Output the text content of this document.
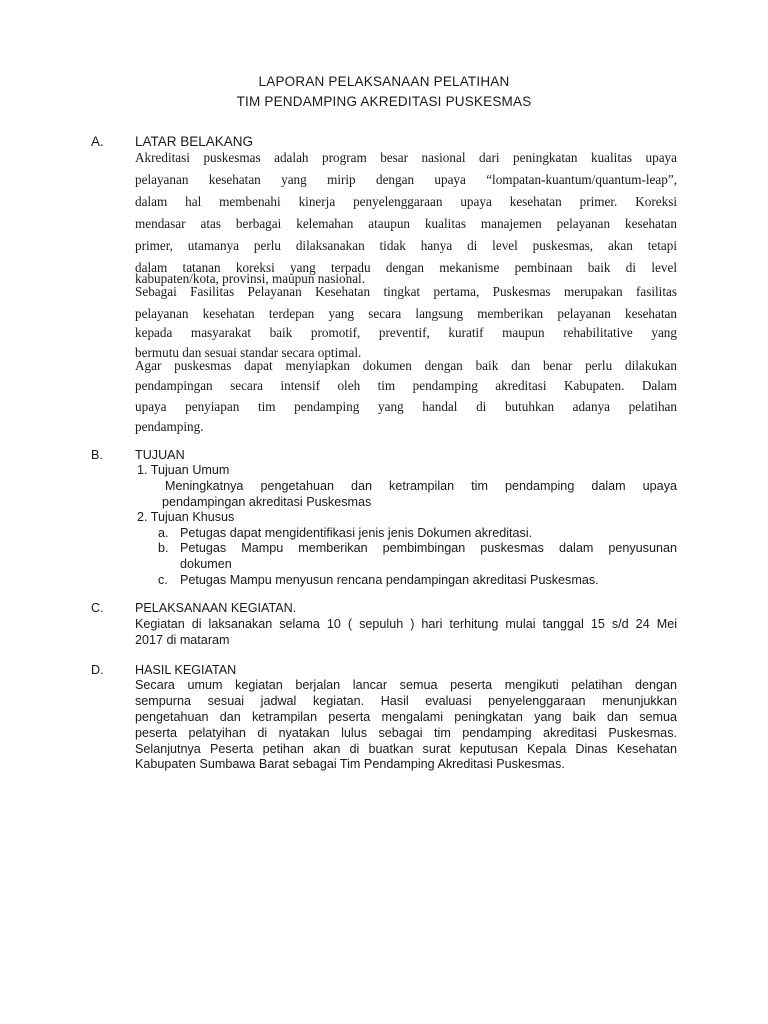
LAPORAN PELAKSANAAN PELATIHAN
TIM PENDAMPING AKREDITASI PUSKESMAS
A. LATAR BELAKANG
Akreditasi puskesmas adalah program besar nasional dari peningkatan kualitas upaya
pelayanan kesehatan yang mirip dengan upaya “lompatan-kuantum/quantum-leap”,
dalam hal membenahi kinerja penyelenggaraan upaya kesehatan primer. Koreksi
mendasar atas berbagai kelemahan ataupun kualitas manajemen pelayanan kesehatan
primer, utamanya perlu dilaksanakan tidak hanya di level puskesmas, akan tetapi
dalam tatanan koreksi yang terpadu dengan mekanisme pembinaan baik di level
kabupaten/kota, provinsi, maupun nasional.
Sebagai Fasilitas Pelayanan Kesehatan tingkat pertama, Puskesmas merupakan fasilitas
pelayanan kesehatan terdepan yang secara langsung memberikan pelayanan kesehatan
kepada masyarakat baik promotif, preventif, kuratif maupun rehabilitative yang
bermutu dan sesuai standar secara optimal.
Agar puskesmas dapat menyiapkan dokumen dengan baik dan benar perlu dilakukan
pendampingan secara intensif oleh tim pendamping akreditasi Kabupaten. Dalam
upaya penyiapan tim pendamping yang handal di butuhkan adanya pelatihan
pendamping.
B.	TUJUAN
1. Tujuan Umum
Meningkatnya pengetahuan dan ketrampilan tim pendamping dalam upaya
pendampingan akreditasi Puskesmas
2. Tujuan Khusus
a. Petugas dapat mengidentifikasi jenis jenis Dokumen akreditasi.
b. Petugas Mampu memberikan pembimbingan puskesmas dalam penyusunan
dokumen
c. Petugas Mampu menyusun rencana pendampingan akreditasi Puskesmas.
C. PELAKSANAAN KEGIATAN.
Kegiatan di laksanakan selama 10 ( sepuluh ) hari terhitung mulai tanggal 15 s/d 24 Mei
2017 di mataram
D. HASIL KEGIATAN
Secara umum kegiatan berjalan lancar semua peserta mengikuti pelatihan dengan
sempurna sesuai jadwal kegiatan. Hasil evaluasi penyelenggaraan menunjukkan
pengetahuan dan ketrampilan peserta mengalami peningkatan yang baik dan semua
peserta pelatyihan di nyatakan lulus sebagai tim pendamping akreditasi Puskesmas.
Selanjutnya Peserta petihan akan di buatkan surat keputusan Kepala Dinas Kesehatan
Kabupaten Sumbawa Barat sebagai Tim Pendamping Akreditasi Puskesmas.
